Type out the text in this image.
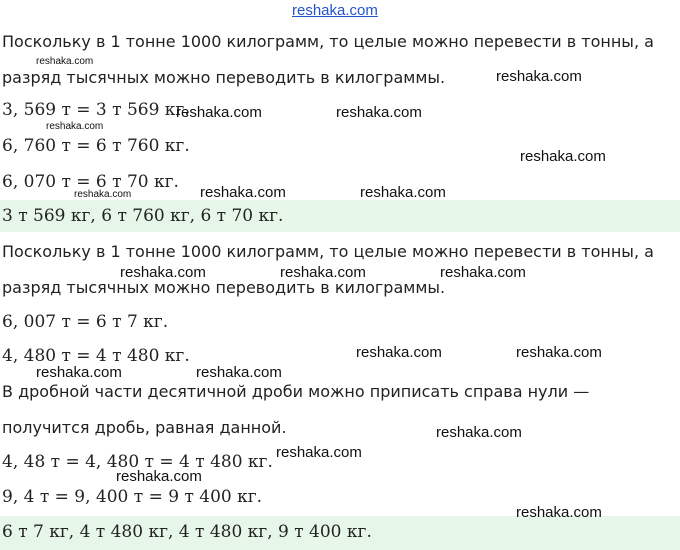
reshaka.com
Поскольку в 1 тонне 1000 килограмм, то целые можно перевести в тонны, а
разряд тысячных можно переводить в килограммы.
3, 569 т = 3 т 569 кг.
6, 760 т = 6 т 760 кг.
6, 070 т = 6 т 70 кг.
3 т 569 кг, 6 т 760 кг, 6 т 70 кг.
Поскольку в 1 тонне 1000 килограмм, то целые можно перевести в тонны, а
разряд тысячных можно переводить в килограммы.
6, 007 т = 6 т 7 кг.
4, 480 т = 4 т 480 кг.
В дробной части десятичной дроби можно приписать справа нули —
получится дробь, равная данной.
4, 48 т = 4, 480 т = 4 т 480 кг.
9, 4 т = 9, 400 т = 9 т 400 кг.
6 т 7 кг, 4 т 480 кг, 4 т 480 кг, 9 т 400 кг.
reshaka.com
reshaka.com
reshaka.com
reshaka.com	reshaka.com
reshaka.com
reshaka.com	reshaka.com	reshaka.com
reshaka.com	reshaka.com	reshaka.com
reshaka.com	reshaka.com
reshaka.com	reshaka.com
reshaka.com
reshaka.com
reshaka.com
reshaka.com
